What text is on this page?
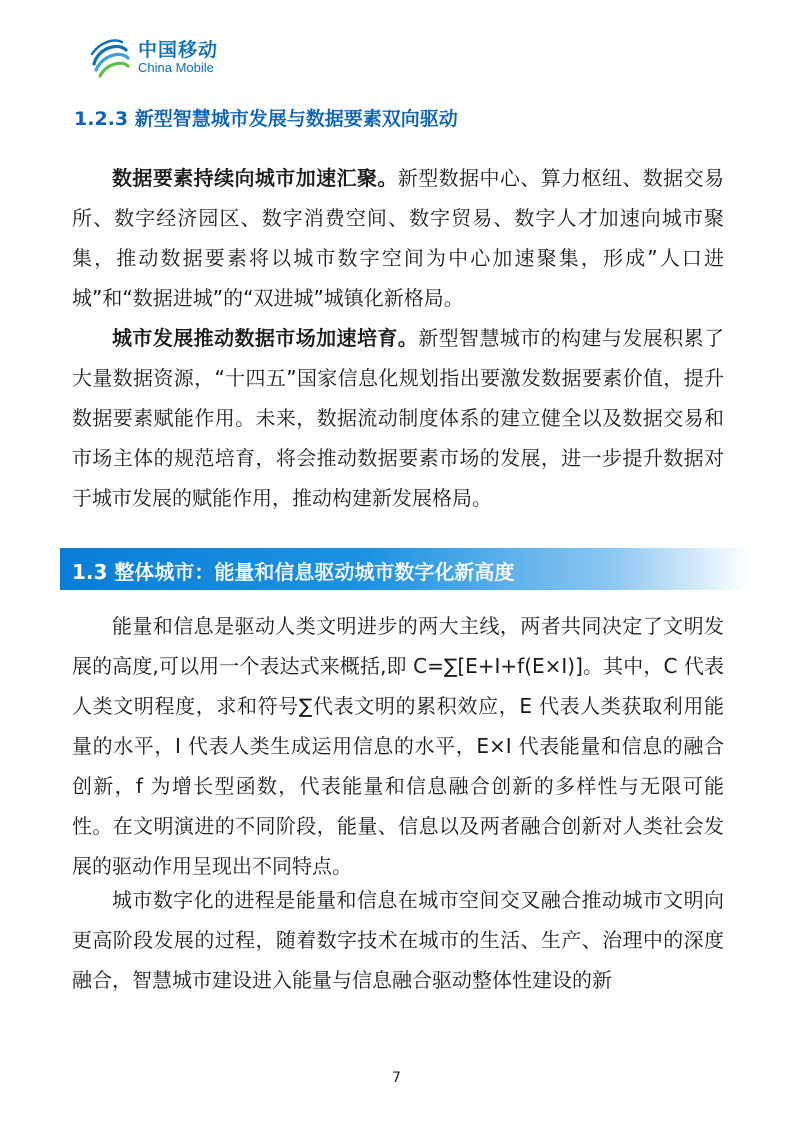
中国移动
China Mobile
1.2.3 新型智慧城市发展与数据要素双向驱动

数据要素持续向城市加速汇聚。新型数据中心、算力枢纽、数据交易所、数字经济园区、数字消费空间、数字贸易、数字人才加速向城市聚集，推动数据要素将以城市数字空间为中心加速聚集，形成”人口进城”和“数据进城”的“双进城”城镇化新格局。

城市发展推动数据市场加速培育。新型智慧城市的构建与发展积累了大量数据资源，“十四五”国家信息化规划指出要激发数据要素价值，提升数据要素赋能作用。未来，数据流动制度体系的建立健全以及数据交易和市场主体的规范培育，将会推动数据要素市场的发展，进一步提升数据对于城市发展的赋能作用，推动构建新发展格局。

1.3 整体城市：能量和信息驱动城市数字化新高度

能量和信息是驱动人类文明进步的两大主线，两者共同决定了文明发展的高度,可以用一个表达式来概括,即 C=∑[E+I+f(E×I)]。其中，C 代表人类文明程度，求和符号∑代表文明的累积效应，E 代表人类获取利用能量的水平，I 代表人类生成运用信息的水平，E×I 代表能量和信息的融合创新，f 为增长型函数，代表能量和信息融合创新的多样性与无限可能性。在文明演进的不同阶段，能量、信息以及两者融合创新对人类社会发展的驱动作用呈现出不同特点。

城市数字化的进程是能量和信息在城市空间交叉融合推动城市文明向更高阶段发展的过程，随着数字技术在城市的生活、生产、治理中的深度融合，智慧城市建设进入能量与信息融合驱动整体性建设的新

7
